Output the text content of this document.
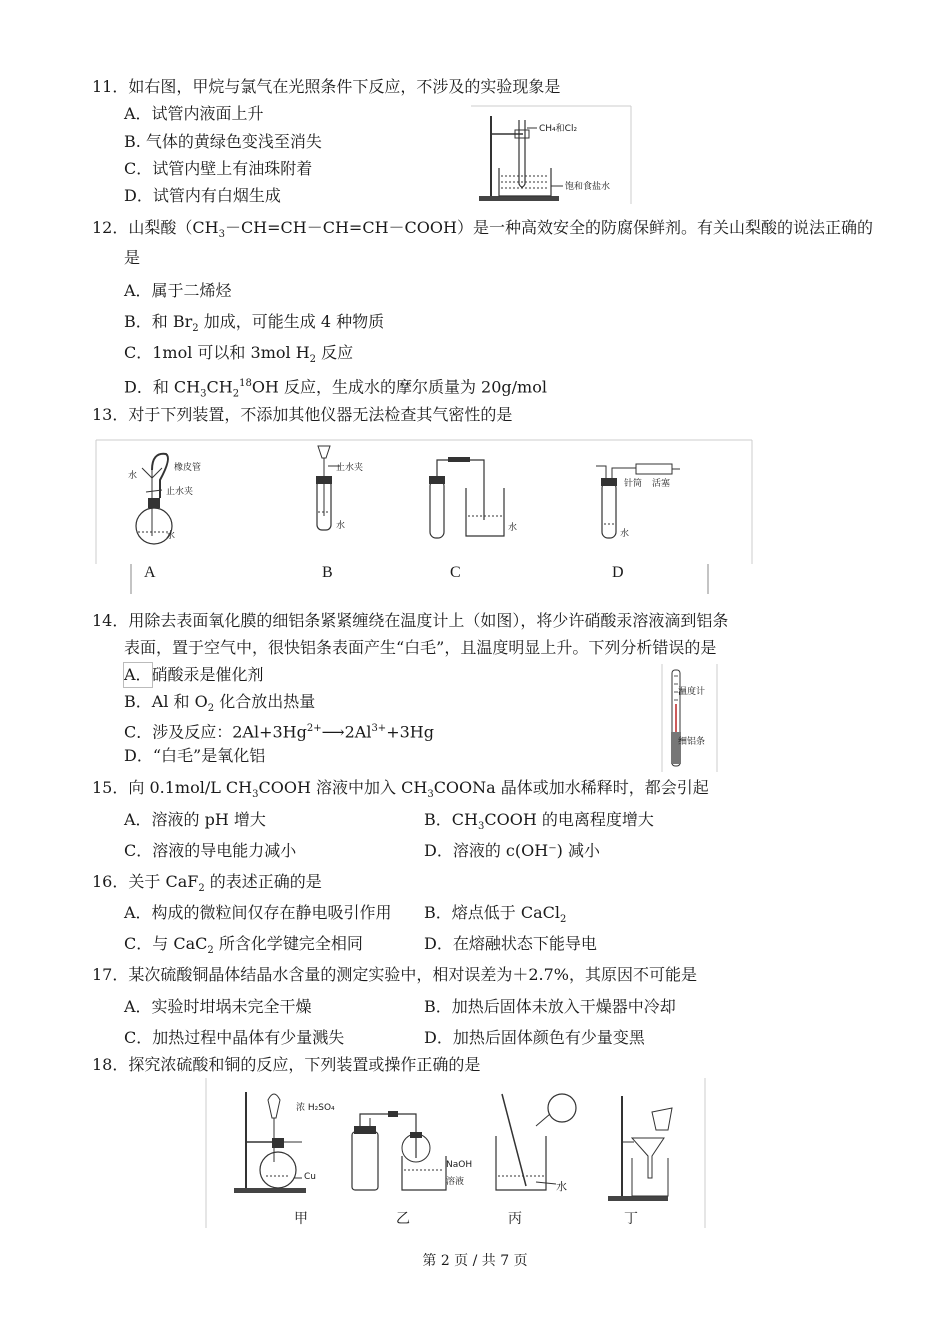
11．如右图，甲烷与氯气在光照条件下反应，不涉及的实验现象是
A．试管内液面上升
B. 气体的黄绿色变浅至消失
C．试管内壁上有油珠附着
D．试管内有白烟生成
CH₄和Cl₂
饱和食盐水
12．山梨酸$(CH_3-CH=CH-CH=CH-COOH)$是一种高效安全的防腐保鲜剂。有关山梨酸的说法正确的
是
A．属于二烯烃
B．和 $Br_2$ 加成，可能生成 4 种物质
C．1mol 可以和 3mol $H_2$ 反应
D．和 $CH_3CH_2^{18}OH$ 反应，生成水的摩尔质量为 20g/mol
13．对于下列装置，不添加其他仪器无法检查其气密性的是
水
橡皮管
止水夹
水
止水夹
水	水
针筒 活塞
水
A	B	C	D
14．用除去表面氧化膜的细铝条紧紧缠绕在温度计上（如图），将少许硝酸汞溶液滴到铝条
表面，置于空气中，很快铝条表面产生“白毛”，且温度明显上升。下列分析错误的是
A．硝酸汞是催化剂
B．Al 和 $O_2$ 化合放出热量
C．涉及反应：$2Al+3Hg^{2+}⟶2Al^{3+}+3Hg$
D．“白毛”是氧化铝
温度计
细铝条
15．向 0.1mol/L $CH_3COOH$ 溶液中加入 $CH_3COONa$ 晶体或加水稀释时，都会引起
A．溶液的 pH 增大	B．$CH_3COOH$ 的电离程度增大
C．溶液的导电能力减小	D．溶液的 c(OH⁻) 减小
16．关于 CaF$_2$ 的表述正确的是
A．构成的微粒间仅存在静电吸引作用 B．熔点低于 CaCl$_2$
C．与 CaC$_2$ 所含化学键完全相同	D．在熔融状态下能导电
17．某次硫酸铜晶体结晶水含量的测定实验中，相对误差为＋2.7%，其原因不可能是
A．实验时坩埚未完全干燥	B．加热后固体未放入干燥器中冷却
C．加热过程中晶体有少量溅失	D．加热后固体颜色有少量变黑
18．探究浓硫酸和铜的反应，下列装置或操作正确的是
浓 H₂SO₄
Cu
NaOH
溶液	水
甲	乙	丙	丁
第 2 页 / 共 7 页
